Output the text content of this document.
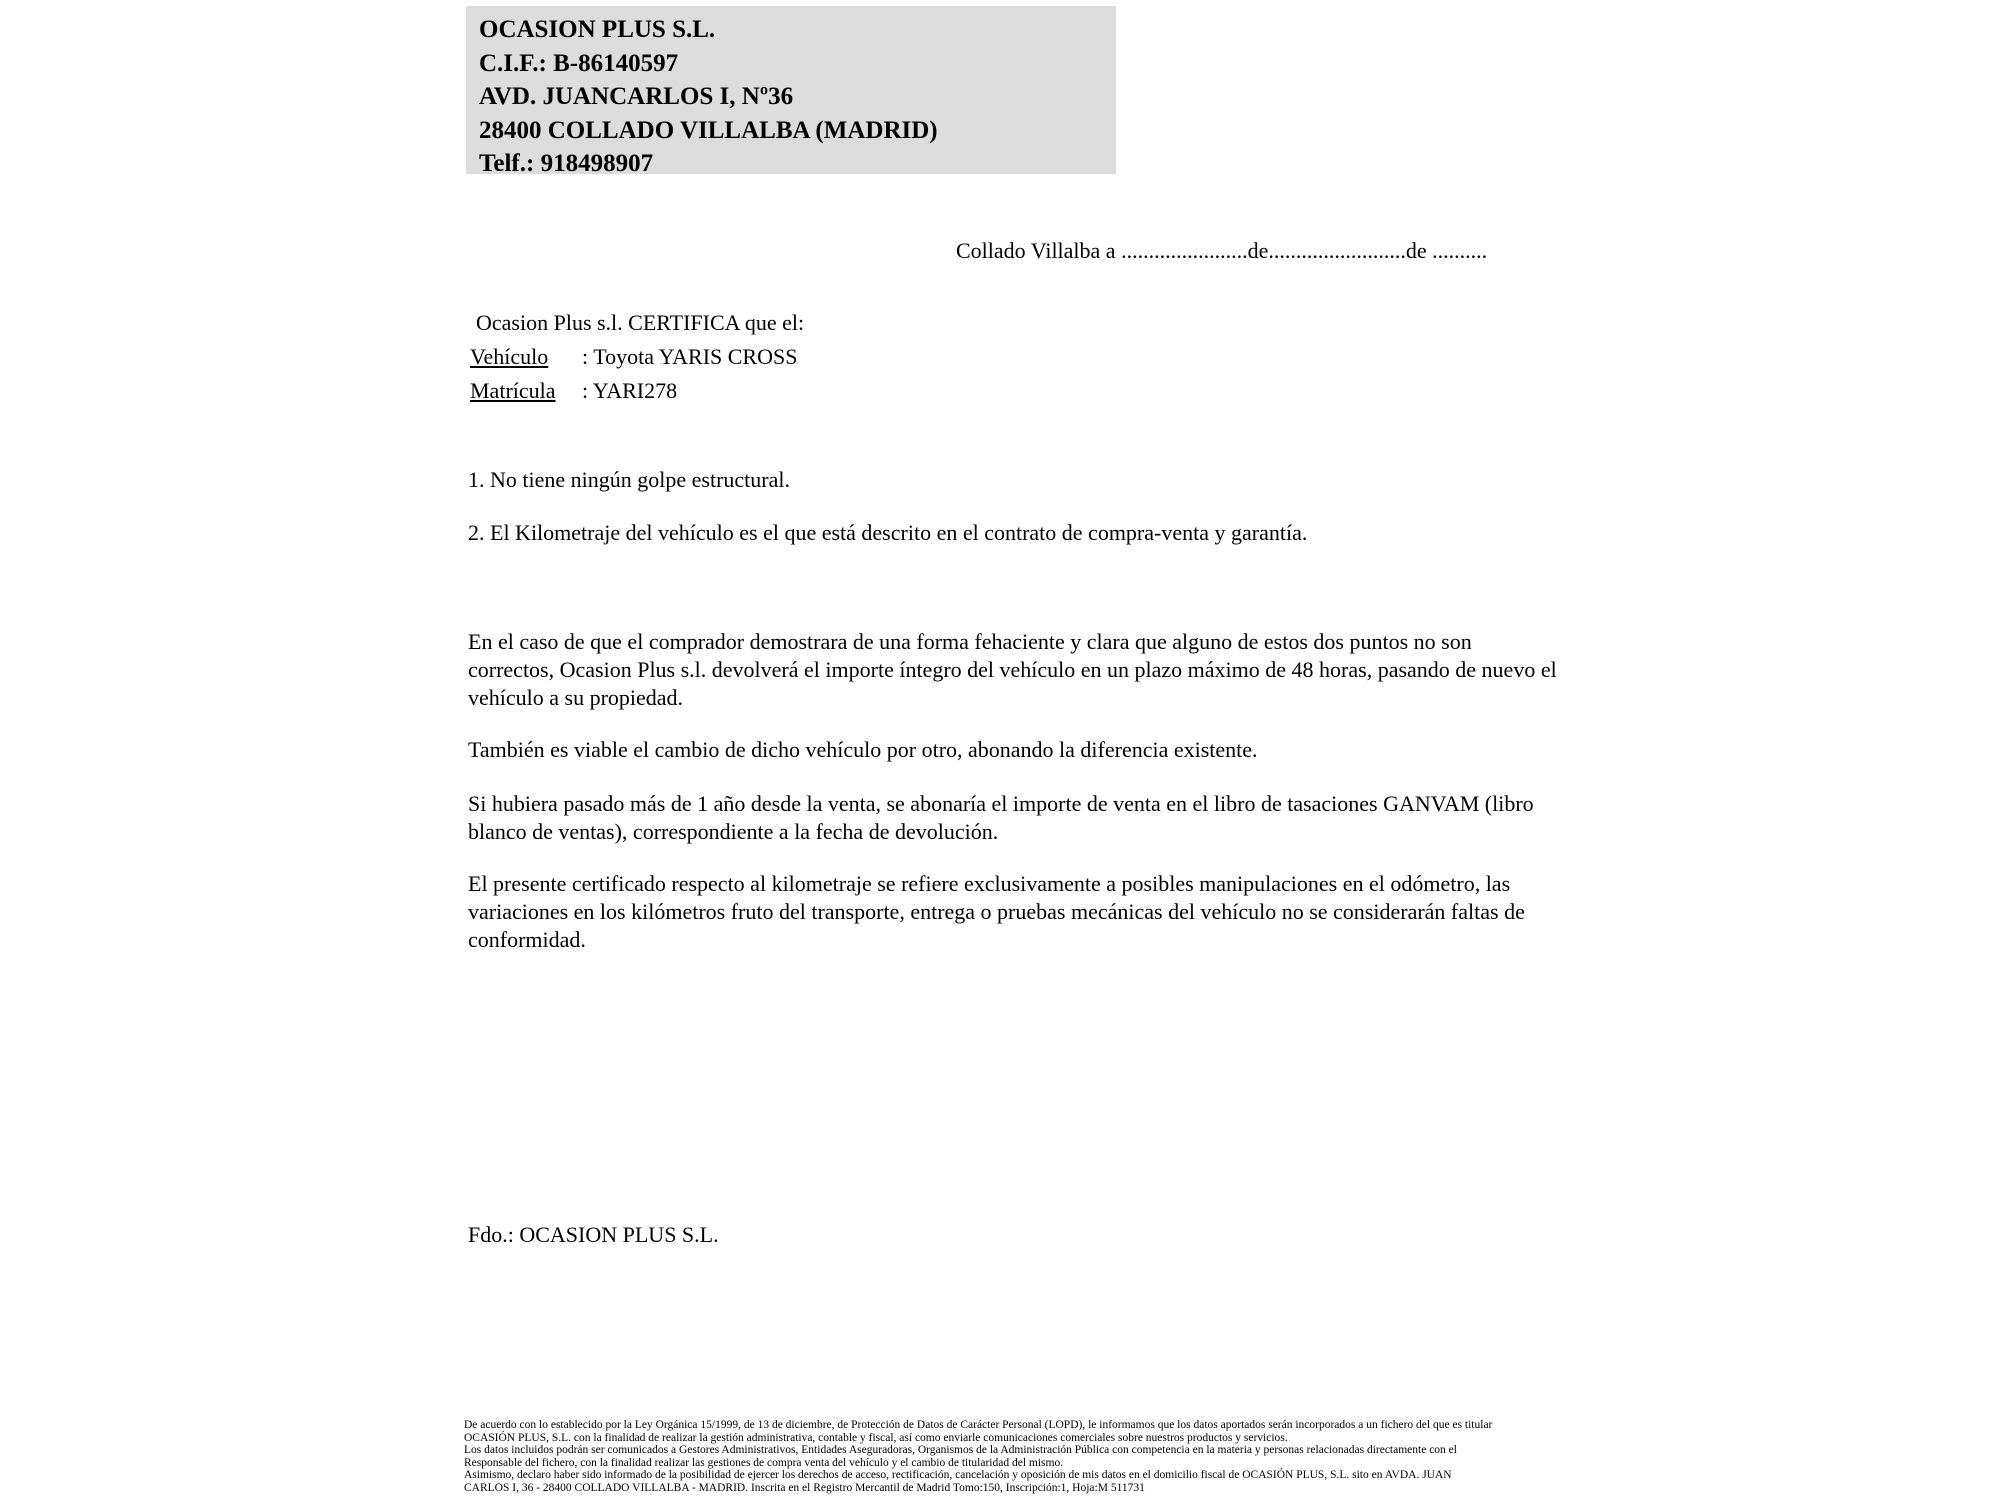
OCASION PLUS S.L.
C.I.F.: B-86140597
AVD. JUANCARLOS I, Nº36
28400 COLLADO VILLALBA (MADRID)
Telf.: 918498907
Collado Villalba a .......................de.........................de ..........
Ocasion Plus s.l. CERTIFICA que el:
Vehículo : Toyota YARIS CROSS
Matrícula : YARI278
1. No tiene ningún golpe estructural.
2. El Kilometraje del vehículo es el que está descrito en el contrato de compra-venta y garantía.

En el caso de que el comprador demostrara de una forma fehaciente y clara que alguno de estos dos puntos no son correctos, Ocasion Plus s.l. devolverá el importe íntegro del vehículo en un plazo máximo de 48 horas, pasando de nuevo el vehículo a su propiedad.

También es viable el cambio de dicho vehículo por otro, abonando la diferencia existente.

Si hubiera pasado más de 1 año desde la venta, se abonaría el importe de venta en el libro de tasaciones GANVAM (libro blanco de ventas), correspondiente a la fecha de devolución.

El presente certificado respecto al kilometraje se refiere exclusivamente a posibles manipulaciones en el odómetro, las variaciones en los kilómetros fruto del transporte, entrega o pruebas mecánicas del vehículo no se considerarán faltas de conformidad.

Fdo.: OCASION PLUS S.L.
De acuerdo con lo establecido por la Ley Orgánica 15/1999, de 13 de diciembre, de Protección de Datos de Carácter Personal (LOPD), le informamos que los datos aportados serán incorporados a un fichero del que es titular
OCASIÓN PLUS, S.L. con la finalidad de realizar la gestión administrativa, contable y fiscal, así como enviarle comunicaciones comerciales sobre nuestros productos y servicios.
Los datos incluidos podrán ser comunicados a Gestores Administrativos, Entidades Aseguradoras, Organismos de la Administración Pública con competencia en la materia y personas relacionadas directamente con el
Responsable del fichero, con la finalidad realizar las gestiones de compra venta del vehículo y el cambio de titularidad del mismo.
Asimismo, declaro haber sido informado de la posibilidad de ejercer los derechos de acceso, rectificación, cancelación y oposición de mis datos en el domicilio fiscal de OCASIÓN PLUS, S.L. sito en AVDA. JUAN
CARLOS I, 36 - 28400 COLLADO VILLALBA - MADRID. Inscrita en el Registro Mercantil de Madrid Tomo:150, Inscripción:1, Hoja:M 511731
